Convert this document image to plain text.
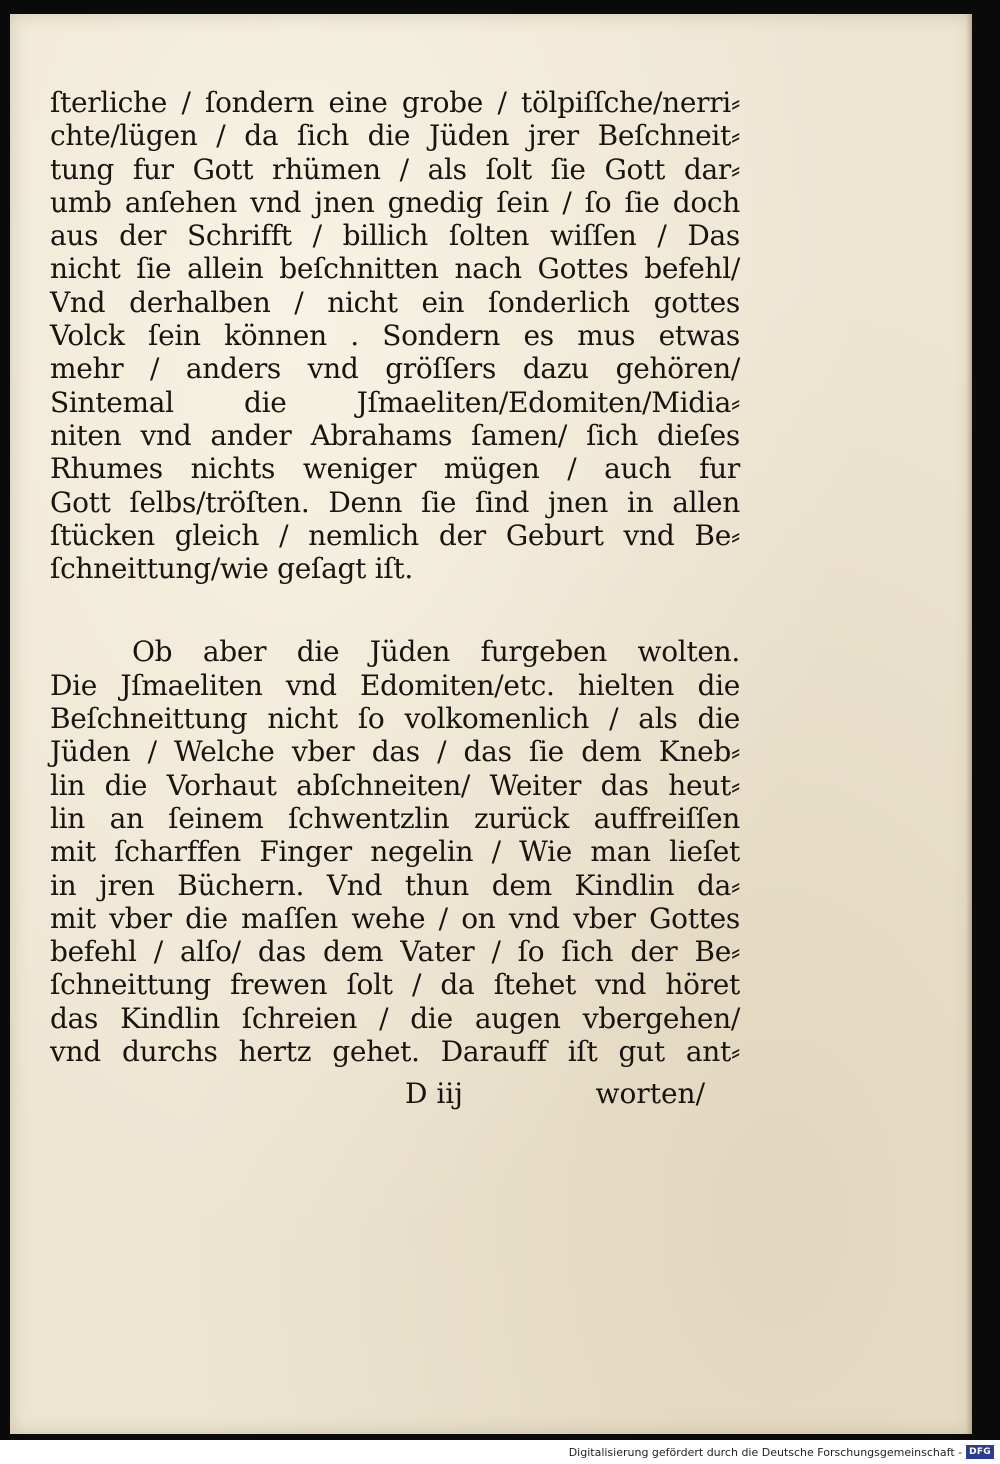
ſterliche / ſondern eine grobe / tölpiſſche/nerri⸗
chte/lügen / da ſich die Jüden jrer Beſchneit⸗
tung fur Gott rhümen / als ſolt ſie Gott dar⸗
umb anſehen vnd jnen gnedig ſein / ſo ſie doch
aus der Schrifft / billich ſolten wiſſen / Das
nicht ſie allein beſchnitten nach Gottes befehl/
Vnd derhalben / nicht ein ſonderlich gottes
Volck ſein können . Sondern es mus etwas
mehr / anders vnd gröſſers dazu gehören/
Sintemal die Jſmaeliten/Edomiten/Midia⸗
niten vnd ander Abrahams ſamen/ ſich dieſes
Rhumes nichts weniger mügen / auch fur
Gott ſelbs/tröſten. Denn ſie ſind jnen in allen
ſtücken gleich / nemlich der Geburt vnd Be⸗
ſchneittung/wie geſagt iſt.
Ob aber die Jüden furgeben wolten.
Die Jſmaeliten vnd Edomiten/etc. hielten die
Beſchneittung nicht ſo volkomenlich / als die
Jüden / Welche vber das / das ſie dem Kneb⸗
lin die Vorhaut abſchneiten/ Weiter das heut⸗
lin an ſeinem ſchwentzlin zurück auffreiſſen
mit ſcharffen Finger negelin / Wie man lieſet
in jren Büchern. Vnd thun dem Kindlin da⸗
mit vber die maſſen wehe / on vnd vber Gottes
befehl / alſo/ das dem Vater / ſo ſich der Be⸗
ſchneittung frewen ſolt / da ſtehet vnd höret
das Kindlin ſchreien / die augen vbergehen/
vnd durchs hertz gehet. Darauff iſt gut ant⸗
D iij	worten/
Digitalisierung gefördert durch die Deutsche Forschungsgemeinschaft - DFG
